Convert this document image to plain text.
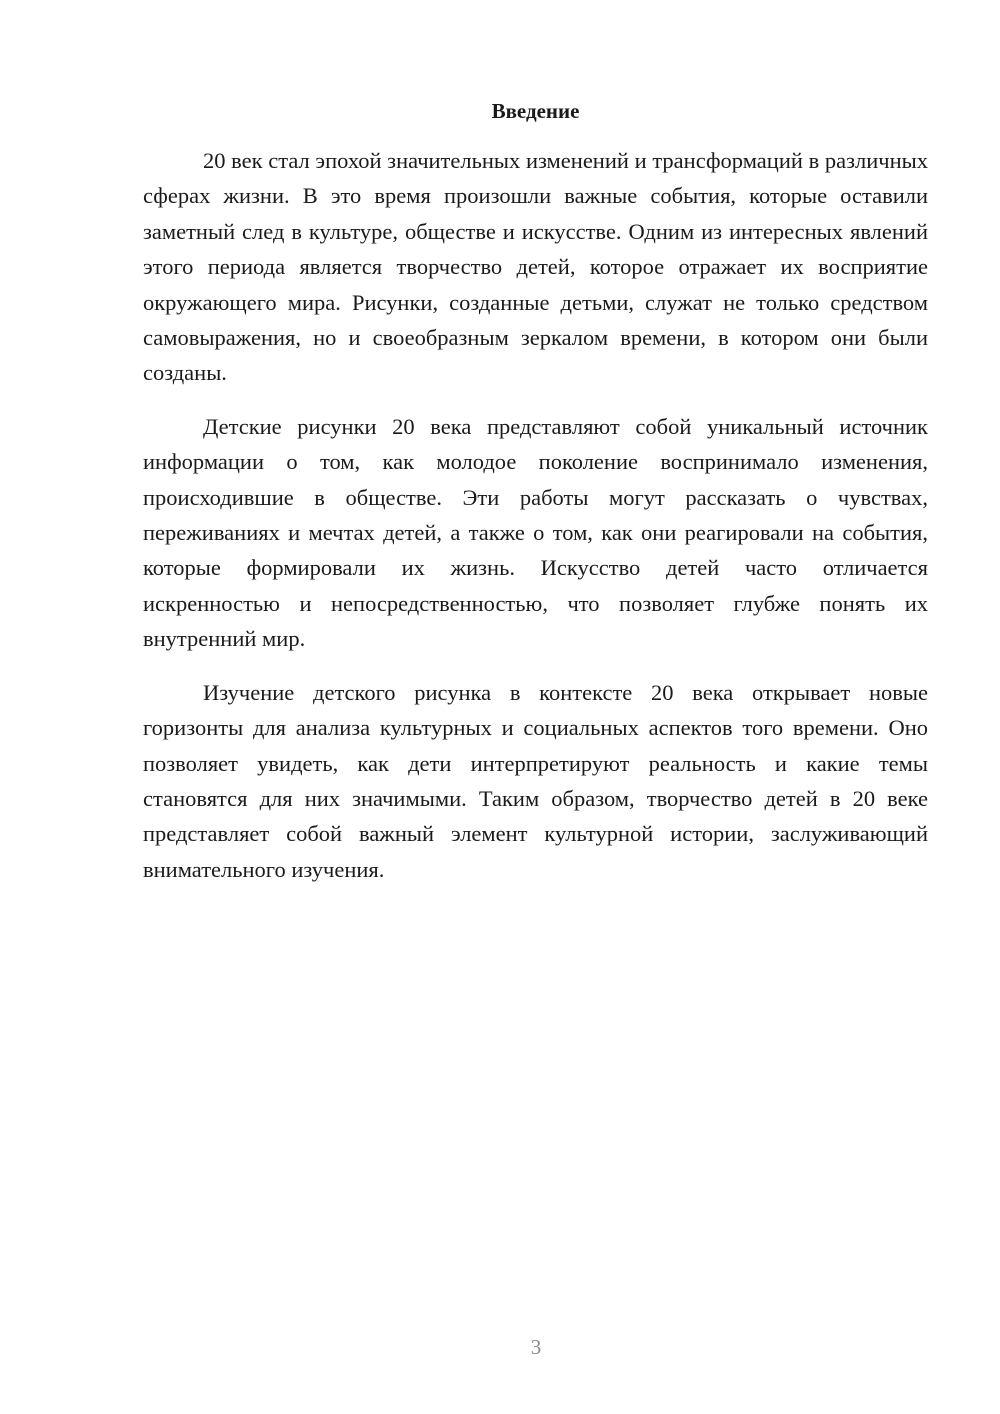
Введение

20 век стал эпохой значительных изменений и трансформаций в различных сферах жизни. В это время произошли важные события, которые оставили заметный след в культуре, обществе и искусстве. Одним из интересных явлений этого периода является творчество детей, которое отражает их восприятие окружающего мира. Рисунки, созданные детьми, служат не только средством самовыражения, но и своеобразным зеркалом времени, в котором они были созданы.

Детские рисунки 20 века представляют собой уникальный источник информации о том, как молодое поколение воспринимало изменения, происходившие в обществе. Эти работы могут рассказать о чувствах, переживаниях и мечтах детей, а также о том, как они реагировали на события, которые формировали их жизнь. Искусство детей часто отличается искренностью и непосредственностью, что позволяет глубже понять их внутренний мир.

Изучение детского рисунка в контексте 20 века открывает новые горизонты для анализа культурных и социальных аспектов того времени. Оно позволяет увидеть, как дети интерпретируют реальность и какие темы становятся для них значимыми. Таким образом, творчество детей в 20 веке представляет собой важный элемент культурной истории, заслуживающий внимательного изучения.

3
